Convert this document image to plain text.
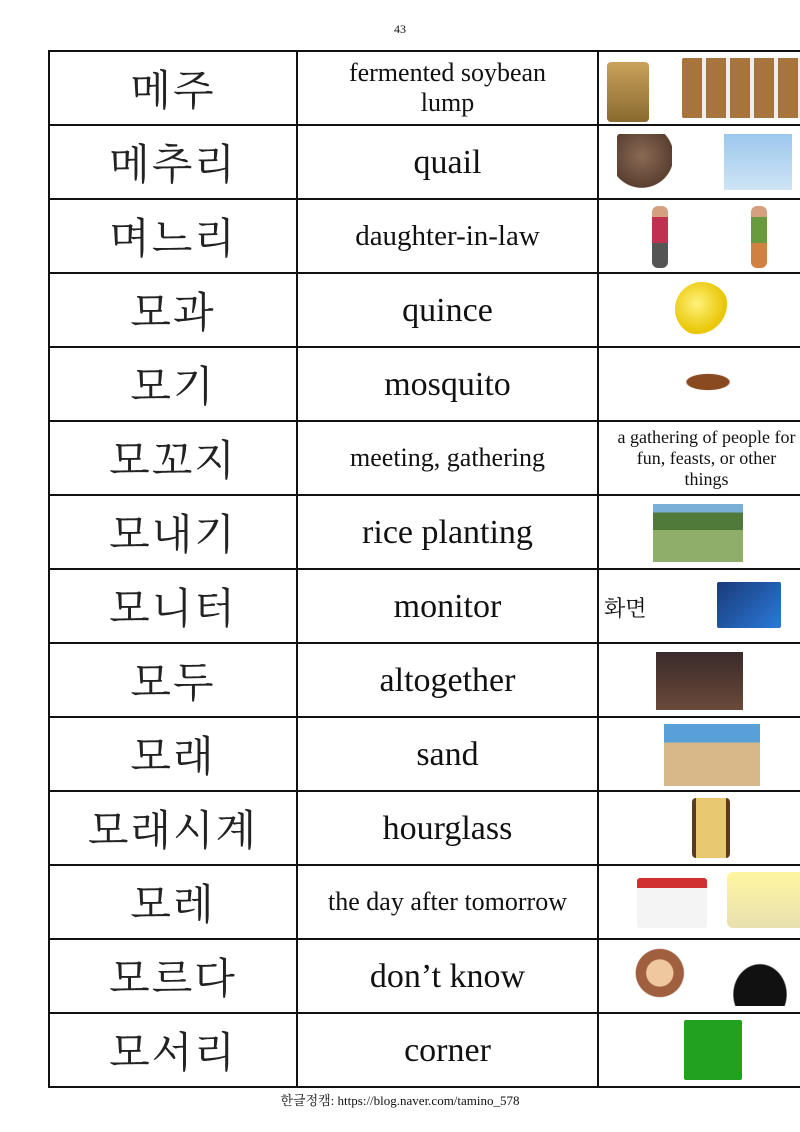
43
메주	fermented soybean lump	

메추리	quail	

며느리	daughter-in-law	

모과	quince	

모기	mosquito	

모꼬지	meeting, gathering	a gathering of people for fun, feasts, or other things

모내기	rice planting	

모니터	monitor	화면

모두	altogether	

모래	sand	

모래시계	hourglass	

모레	the day after tomorrow	

모르다	don’t know	

모서리	corner	
한글정캠: https://blog.naver.com/tamino_578
